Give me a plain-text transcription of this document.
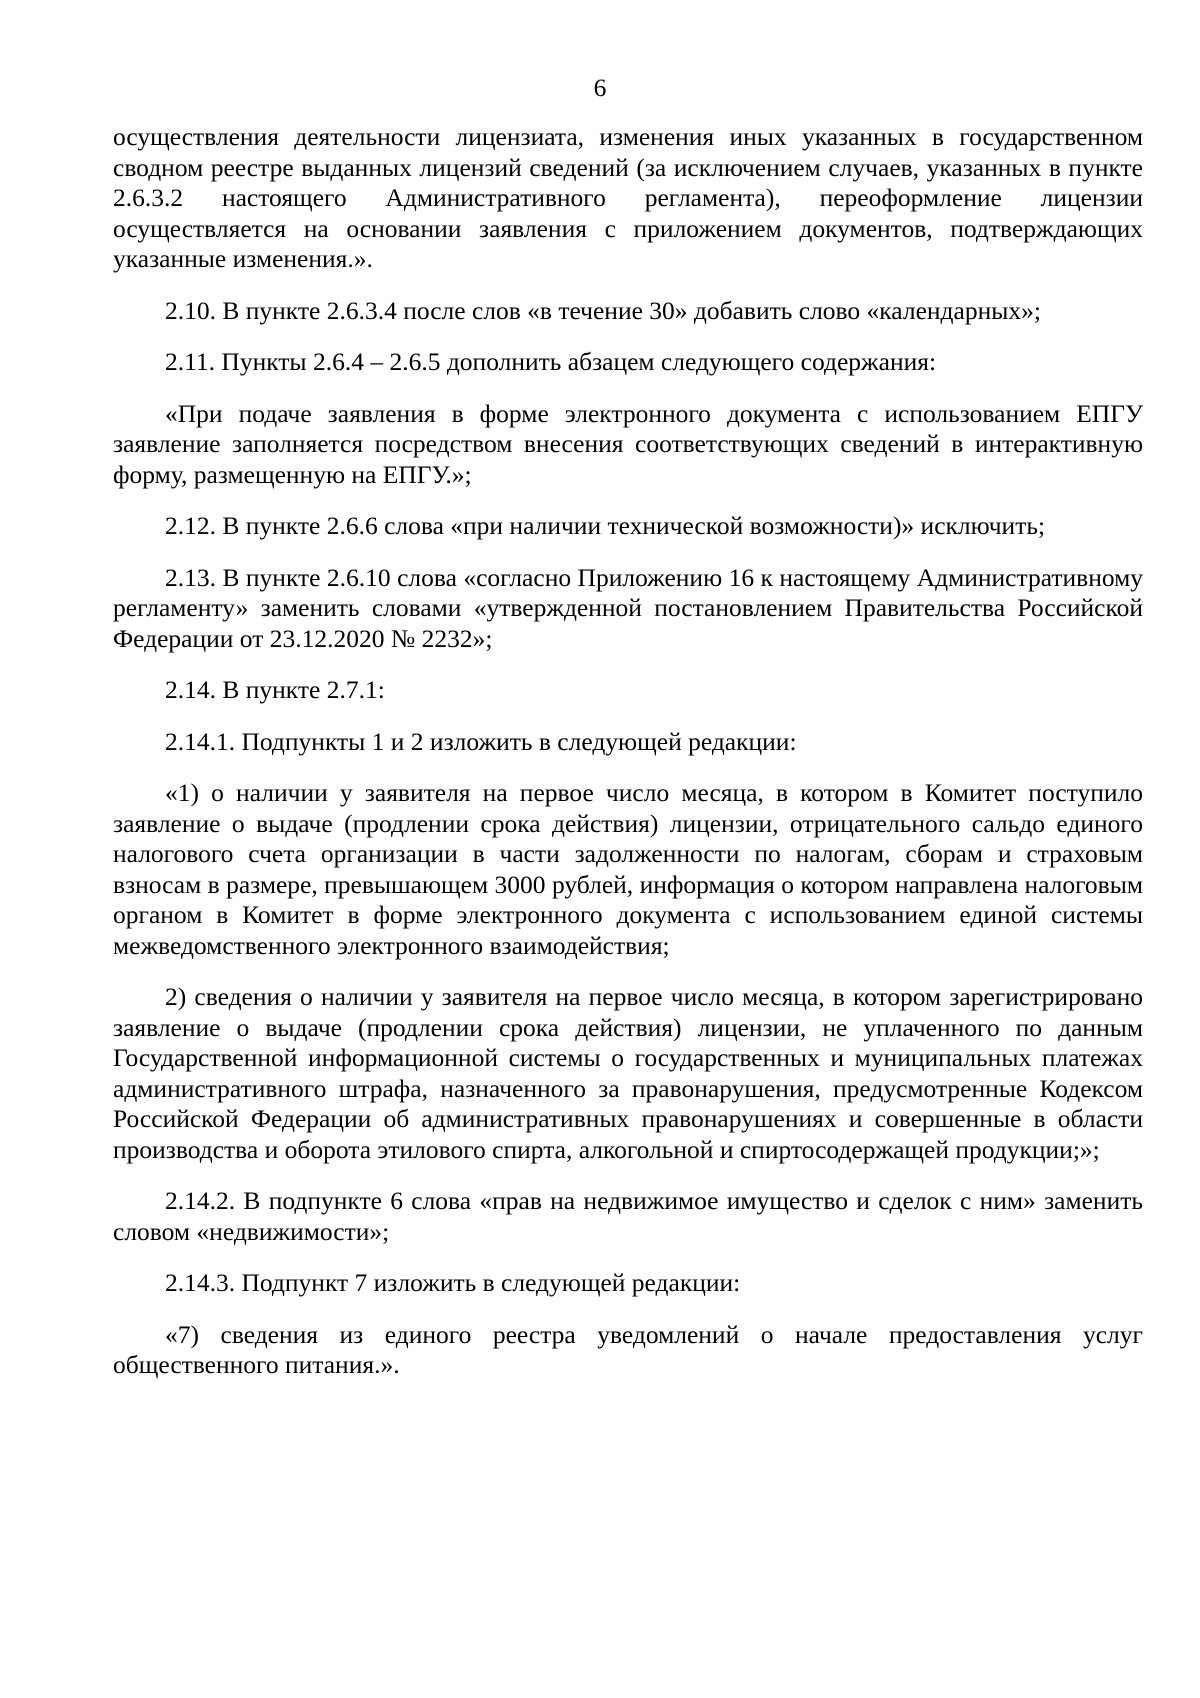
6

осуществления деятельности лицензиата, изменения иных указанных в государственном сводном реестре выданных лицензий сведений (за исключением случаев, указанных в пункте 2.6.3.2 настоящего Административного регламента), переоформление лицензии осуществляется на основании заявления с приложением документов, подтверждающих указанные изменения.».

2.10. В пункте 2.6.3.4 после слов «в течение 30» добавить слово «календарных»;

2.11. Пункты 2.6.4 – 2.6.5 дополнить абзацем следующего содержания:

«При подаче заявления в форме электронного документа с использованием ЕПГУ заявление заполняется посредством внесения соответствующих сведений в интерактивную форму, размещенную на ЕПГУ.»;

2.12. В пункте 2.6.6 слова «при наличии технической возможности)» исключить;

2.13. В пункте 2.6.10 слова «согласно Приложению 16 к настоящему Административному регламенту» заменить словами «утвержденной постановлением Правительства Российской Федерации от 23.12.2020 № 2232»;

2.14. В пункте 2.7.1:

2.14.1. Подпункты 1 и 2 изложить в следующей редакции:

«1) о наличии у заявителя на первое число месяца, в котором в Комитет поступило заявление о выдаче (продлении срока действия) лицензии, отрицательного сальдо единого налогового счета организации в части задолженности по налогам, сборам и страховым взносам в размере, превышающем 3000 рублей, информация о котором направлена налоговым органом в Комитет в форме электронного документа с использованием единой системы межведомственного электронного взаимодействия;

2) сведения о наличии у заявителя на первое число месяца, в котором зарегистрировано заявление о выдаче (продлении срока действия) лицензии, не уплаченного по данным Государственной информационной системы о государственных и муниципальных платежах административного штрафа, назначенного за правонарушения, предусмотренные Кодексом Российской Федерации об административных правонарушениях и совершенные в области производства и оборота этилового спирта, алкогольной и спиртосодержащей продукции;»;

2.14.2. В подпункте 6 слова «прав на недвижимое имущество и сделок с ним» заменить словом «недвижимости»;

2.14.3. Подпункт 7 изложить в следующей редакции:

«7) сведения из единого реестра уведомлений о начале предоставления услуг общественного питания.».
